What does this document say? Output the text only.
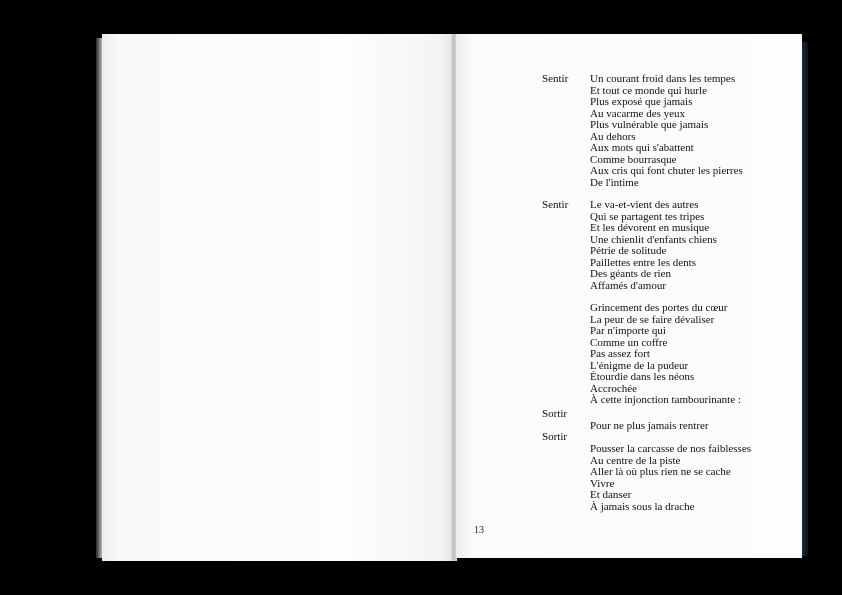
Sentir Un courant froid dans les tempes
Et tout ce monde qui hurle
Plus exposé que jamais
Au vacarme des yeux
Plus vulnérable que jamais
Au dehors
Aux mots qui s'abattent
Comme bourrasque
Aux cris qui font chuter les pierres
De l'intime
Sentir Le va-et-vient des autres
Qui se partagent tes tripes
Et les dévorent en musique
Une chienlit d'enfants chiens
Pétrie de solitude
Paillettes entre les dents
Des géants de rien
Affamés d'amour
Grincement des portes du cœur
La peur de se faire dévaliser
Par n'importe qui
Comme un coffre
Pas assez fort
L'énigme de la pudeur
Étourdie dans les néons
Accrochée
À cette injonction tambourinante :
Sortir
Pour ne plus jamais rentrer
Sortir
Pousser la carcasse de nos faiblesses
Au centre de la piste
Aller là où plus rien ne se cache
Vivre
Et danser
À jamais sous la drache
13
